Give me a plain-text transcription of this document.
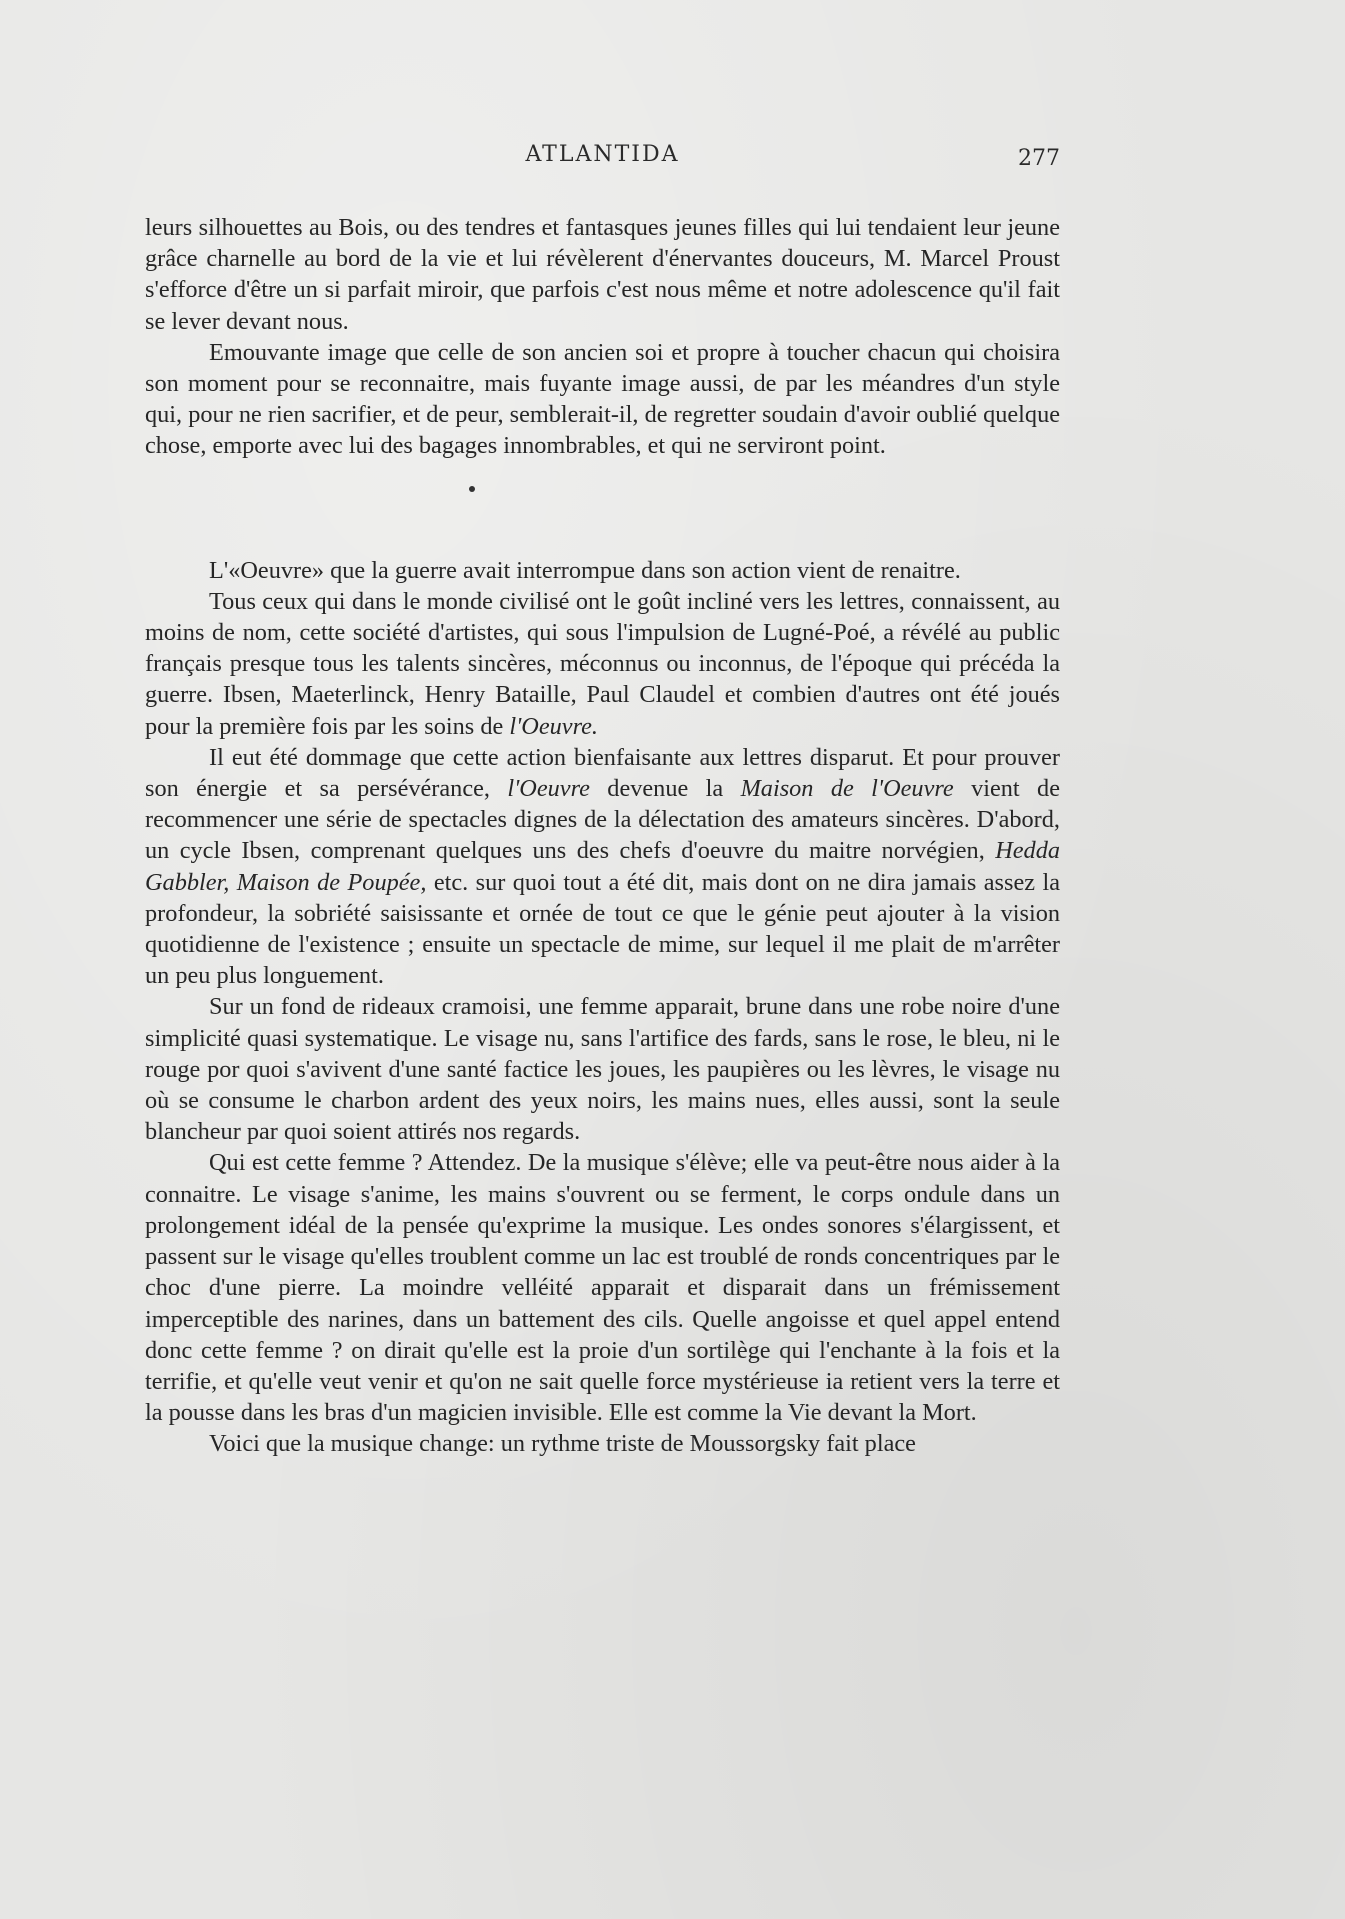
ATLANTIDA	277

leurs silhouettes au Bois, ou des tendres et fantasques jeunes filles qui lui tendaient leur jeune grâce charnelle au bord de la vie et lui révèlerent d'énervantes douceurs, M. Marcel Proust s'efforce d'être un si parfait miroir, que parfois c'est nous même et notre adolescence qu'il fait se lever devant nous.

Emouvante image que celle de son ancien soi et propre à toucher chacun qui choisira son moment pour se reconnaitre, mais fuyante image aussi, de par les méandres d'un style qui, pour ne rien sacrifier, et de peur, semblerait-il, de regretter soudain d'avoir oublié quelque chose, emporte avec lui des bagages innombrables, et qui ne serviront point.

L'«Oeuvre» que la guerre avait interrompue dans son action vient de renaitre.

Tous ceux qui dans le monde civilisé ont le goût incliné vers les lettres, connaissent, au moins de nom, cette société d'artistes, qui sous l'impulsion de Lugné-Poé, a révélé au public français presque tous les talents sincères, méconnus ou inconnus, de l'époque qui précéda la guerre. Ibsen, Maeterlinck, Henry Bataille, Paul Claudel et combien d'autres ont été joués pour la première fois par les soins de l'Oeuvre.

Il eut été dommage que cette action bienfaisante aux lettres disparut. Et pour prouver son énergie et sa persévérance, l'Oeuvre devenue la Maison de l'Oeuvre vient de recommencer une série de spectacles dignes de la délectation des amateurs sincères. D'abord, un cycle Ibsen, comprenant quelques uns des chefs d'oeuvre du maitre norvégien, Hedda Gabbler, Maison de Poupée, etc. sur quoi tout a été dit, mais dont on ne dira jamais assez la profondeur, la sobriété saisissante et ornée de tout ce que le génie peut ajouter à la vision quotidienne de l'existence ; ensuite un spectacle de mime, sur lequel il me plait de m'arrêter un peu plus longuement.

Sur un fond de rideaux cramoisi, une femme apparait, brune dans une robe noire d'une simplicité quasi systematique. Le visage nu, sans l'artifice des fards, sans le rose, le bleu, ni le rouge por quoi s'avivent d'une santé factice les joues, les paupières ou les lèvres, le visage nu où se consume le charbon ardent des yeux noirs, les mains nues, elles aussi, sont la seule blancheur par quoi soient attirés nos regards.

Qui est cette femme ? Attendez. De la musique s'élève; elle va peut-être nous aider à la connaitre. Le visage s'anime, les mains s'ouvrent ou se ferment, le corps ondule dans un prolongement idéal de la pensée qu'exprime la musique. Les ondes sonores s'élargissent, et passent sur le visage qu'elles troublent comme un lac est troublé de ronds concentriques par le choc d'une pierre. La moindre velléité apparait et disparait dans un frémissement imperceptible des narines, dans un battement des cils. Quelle angoisse et quel appel entend donc cette femme ? on dirait qu'elle est la proie d'un sortilège qui l'enchante à la fois et la terrifie, et qu'elle veut venir et qu'on ne sait quelle force mystérieuse ia retient vers la terre et la pousse dans les bras d'un magicien invisible. Elle est comme la Vie devant la Mort.

Voici que la musique change: un rythme triste de Moussorgsky fait place
